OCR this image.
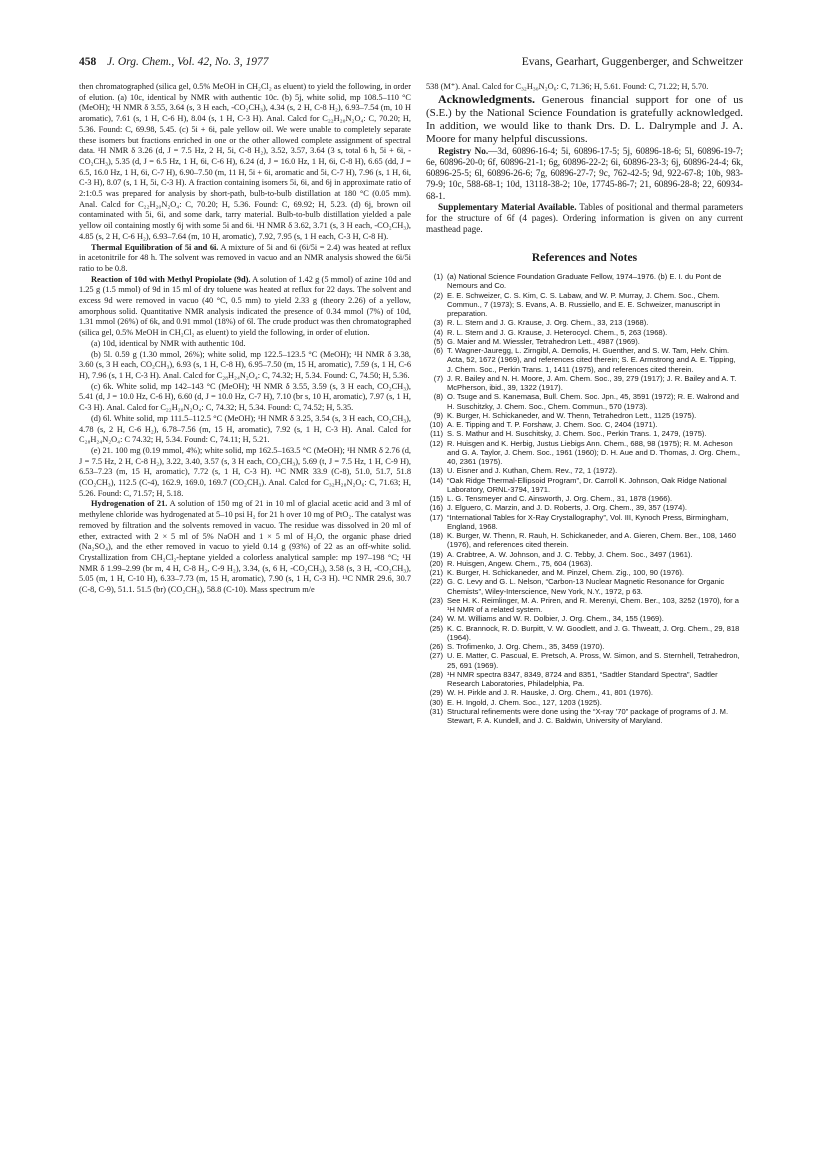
458 J. Org. Chem., Vol. 42, No. 3, 1977	Evans, Gearhart, Guggenberger, and Schweitzer

then chromatographed (silica gel, 0.5% MeOH in CH₂Cl₂ as eluent) to yield the following, in order of elution. (a) 10c, identical by NMR with authentic 10c. (b) 5j, white solid, mp 108.5–110 °C (MeOH); ¹H NMR δ 3.55, 3.64 (s, 3 H each, -CO₂CH₃), 4.34 (s, 2 H, C-8 H₂), 6.93–7.54 (m, 10 H aromatic), 7.61 (s, 1 H, C-6 H), 8.04 (s, 1 H, C-3 H). Anal. Calcd for C₂₂H₂₀N₂O₄: C, 70.20; H, 5.36. Found: C, 69.98, 5.45. (c) 5i + 6i, pale yellow oil. We were unable to completely separate these isomers but fractions enriched in one or the other allowed complete assignment of spectral data. ¹H NMR δ 3.26 (d, J = 7.5 Hz, 2 H, 5i, C-8 H₂), 3.52, 3.57, 3.64 (3 s, total 6 h, 5i + 6i, -CO₂CH₃), 5.35 (d, J = 6.5 Hz, 1 H, 6i, C-6 H), 6.24 (d, J = 16.0 Hz, 1 H, 6i, C-8 H), 6.65 (dd, J = 6.5, 16.0 Hz, 1 H, 6i, C-7 H), 6.90–7.50 (m, 11 H, 5i + 6i, aromatic and 5i, C-7 H), 7.96 (s, 1 H, 6i, C-3 H), 8.07 (s, 1 H, 5i, C-3 H). A fraction containing isomers 5i, 6i, and 6j in approximate ratio of 2:1:0.5 was prepared for analysis by short-path, bulb-to-bulb distillation at 180 °C (0.05 mm). Anal. Calcd for C₂₂H₂₀N₂O₄: C, 70.20; H, 5.36. Found: C, 69.92; H, 5.23. (d) 6j, brown oil contaminated with 5i, 6i, and some dark, tarry material. Bulb-to-bulb distillation yielded a pale yellow oil containing mostly 6j with some 5i and 6i. ¹H NMR δ 3.62, 3.71 (s, 3 H each, -CO₂CH₃), 4.85 (s, 2 H, C-6 H₂), 6.93–7.64 (m, 10 H, aromatic), 7.92, 7.95 (s, 1 H each, C-3 H, C-8 H).

Thermal Equilibration of 5i and 6i. A mixture of 5i and 6i (6i/5i = 2.4) was heated at reflux in acetonitrile for 48 h. The solvent was removed in vacuo and an NMR analysis showed the 6i/5i ratio to be 0.8.

Reaction of 10d with Methyl Propiolate (9d). A solution of 1.42 g (5 mmol) of azine 10d and 1.25 g (1.5 mmol) of 9d in 15 ml of dry toluene was heated at reflux for 22 days. The solvent and excess 9d were removed in vacuo (40 °C, 0.5 mm) to yield 2.33 g (theory 2.26) of a yellow, amorphous solid. Quantitative NMR analysis indicated the presence of 0.34 mmol (7%) of 10d, 1.31 mmol (26%) of 6k, and 0.91 mmol (18%) of 6l. The crude product was then chromatographed (silica gel, 0.5% MeOH in CH₂Cl₂ as eluent) to yield the following, in order of elution.

(a) 10d, identical by NMR with authentic 10d.

(b) 5l. 0.59 g (1.30 mmol, 26%); white solid, mp 122.5–123.5 °C (MeOH); ¹H NMR δ 3.38, 3.60 (s, 3 H each, CO₂CH₃), 6.93 (s, 1 H, C-8 H), 6.95–7.50 (m, 15 H, aromatic), 7.59 (s, 1 H, C-6 H), 7.96 (s, 1 H, C-3 H). Anal. Calcd for C₂₈H₂₄N₂O₄: C, 74.32; H, 5.34. Found: C, 74.50; H, 5.36.

(c) 6k. White solid, mp 142–143 °C (MeOH); ¹H NMR δ 3.55, 3.59 (s, 3 H each, CO₂CH₃), 5.41 (d, J = 10.0 Hz, C-6 H), 6.60 (d, J = 10.0 Hz, C-7 H), 7.10 (br s, 10 H, aromatic), 7.97 (s, 1 H, C-3 H). Anal. Calcd for C₂₂H₂₀N₂O₄: C, 74.32; H, 5.34. Found: C, 74.52; H, 5.35.

(d) 6l. White solid, mp 111.5–112.5 °C (MeOH); ¹H NMR δ 3.25, 3.54 (s, 3 H each, CO₂CH₃), 4.78 (s, 2 H, C-6 H₂), 6.78–7.56 (m, 15 H, aromatic), 7.92 (s, 1 H, C-3 H). Anal. Calcd for C₂₈H₂₄N₂O₄: C 74.32; H, 5.34. Found: C, 74.11; H, 5.21.

(e) 21. 100 mg (0.19 mmol, 4%); white solid, mp 162.5–163.5 °C (MeOH); ¹H NMR δ 2.76 (d, J = 7.5 Hz, 2 H, C-8 H₂), 3.22, 3.40, 3.57 (s, 3 H each, CO₂CH₃), 5.69 (t, J = 7.5 Hz, 1 H, C-9 H), 6.53–7.23 (m, 15 H, aromatic), 7.72 (s, 1 H, C-3 H). ¹³C NMR 33.9 (C-8), 51.0, 51.7, 51.8 (CO₂CH₃), 112.5 (C-4), 162.9, 169.0, 169.7 (CO₂CH₃). Anal. Calcd for C₃₂H₂₈N₂O₆: C, 71.63; H, 5.26. Found: C, 71.57; H, 5.18.

Hydrogenation of 21. A solution of 150 mg of 21 in 10 ml of glacial acetic acid and 3 ml of methylene chloride was hydrogenated at 5–10 psi H₂ for 21 h over 10 mg of PtO₂. The catalyst was removed by filtration and the solvents removed in vacuo. The residue was dissolved in 20 ml of ether, extracted with 2 × 5 ml of 5% NaOH and 1 × 5 ml of H₂O, the organic phase dried (Na₂SO₄), and the ether removed in vacuo to yield 0.14 g (93%) of 22 as an off-white solid. Crystallization from CH₂Cl₂-heptane yielded a colorless analytical sample: mp 197–198 °C; ¹H NMR δ 1.99–2.99 (br m, 4 H, C-8 H₂, C-9 H₂), 3.34, (s, 6 H, -CO₂CH₃), 3.58 (s, 3 H, -CO₂CH₃), 5.05 (m, 1 H, C-10 H), 6.33–7.73 (m, 15 H, aromatic), 7.90 (s, 1 H, C-3 H). ¹³C NMR 29.6, 30.7 (C-8, C-9), 51.1. 51.5 (br) (CO₂CH₃), 58.8 (C-10). Mass spectrum m/e

538 (M⁺). Anal. Calcd for C₃₂H₃₀N₂O₆: C, 71.36; H, 5.61. Found: C, 71.22; H, 5.70.

Acknowledgments. Generous financial support for one of us (S.E.) by the National Science Foundation is gratefully acknowledged. In addition, we would like to thank Drs. D. L. Dalrymple and J. A. Moore for many helpful discussions.

Registry No.—3d, 60896-16-4; 5i, 60896-17-5; 5j, 60896-18-6; 5l, 60896-19-7; 6e, 60896-20-0; 6f, 60896-21-1; 6g, 60896-22-2; 6i, 60896-23-3; 6j, 60896-24-4; 6k, 60896-25-5; 6l, 60896-26-6; 7g, 60896-27-7; 9c, 762-42-5; 9d, 922-67-8; 10b, 983-79-9; 10c, 588-68-1; 10d, 13118-38-2; 10e, 17745-86-7; 21, 60896-28-8; 22, 60934-68-1.

Supplementary Material Available. Tables of positional and thermal parameters for the structure of 6f (4 pages). Ordering information is given on any current masthead page.

References and Notes

(1) (a) National Science Foundation Graduate Fellow, 1974–1976. (b) E. I. du Pont de Nemours and Co.

(2) E. E. Schweizer, C. S. Kim, C. S. Labaw, and W. P. Murray, J. Chem. Soc., Chem. Commun., 7 (1973); S. Evans, A. B. Russiello, and E. E. Schweizer, manuscript in preparation.

(3) R. L. Stern and J. G. Krause, J. Org. Chem., 33, 213 (1968).

(4) R. L. Stern and J. G. Krause, J. Heterocycl. Chem., 5, 263 (1968).

(5) G. Maier and M. Wiessler, Tetrahedron Lett., 4987 (1969).

(6) T. Wagner-Jauregg, L. Zirngibl, A. Demolis, H. Guenther, and S. W. Tam, Helv. Chim. Acta, 52, 1672 (1969), and references cited therein; S. E. Armstrong and A. E. Tipping, J. Chem. Soc., Perkin Trans. 1, 1411 (1975), and references cited therein.

(7) J. R. Bailey and N. H. Moore, J. Am. Chem. Soc., 39, 279 (1917); J. R. Bailey and A. T. McPherson, ibid., 39, 1322 (1917).

(8) O. Tsuge and S. Kanemasa, Bull. Chem. Soc. Jpn., 45, 3591 (1972); R. E. Walrond and H. Suschitzky, J. Chem. Soc., Chem. Commun., 570 (1973).

(9) K. Burger, H. Schickaneder, and W. Thenn, Tetrahedron Lett., 1125 (1975).

(10) A. E. Tipping and T. P. Forshaw, J. Chem. Soc. C, 2404 (1971).

(11) S. S. Mathur and H. Suschitsky, J. Chem. Soc., Perkin Trans. 1, 2479, (1975).

(12) R. Huisgen and K. Herbig, Justus Liebigs Ann. Chem., 688, 98 (1975); R. M. Acheson and G. A. Taylor, J. Chem. Soc., 1961 (1960); D. H. Aue and D. Thomas, J. Org. Chem., 40, 2361 (1975).

(13) U. Eisner and J. Kuthan, Chem. Rev., 72, 1 (1972).

(14) “Oak Ridge Thermal-Ellipsoid Program”, Dr. Carroll K. Johnson, Oak Ridge National Laboratory, ORNL-3794, 1971.

(15) L. G. Tensmeyer and C. Ainsworth, J. Org. Chem., 31, 1878 (1966).

(16) J. Elguero, C. Marzin, and J. D. Roberts, J. Org. Chem., 39, 357 (1974).

(17) “International Tables for X-Ray Crystallography”, Vol. III, Kynoch Press, Birmingham, England, 1968.

(18) K. Burger, W. Thenn, R. Rauh, H. Schickaneder, and A. Gieren, Chem. Ber., 108, 1460 (1976), and references cited therein.

(19) A. Crabtree, A. W. Johnson, and J. C. Tebby, J. Chem. Soc., 3497 (1961).

(20) R. Huisgen, Angew. Chem., 75, 604 (1963).

(21) K. Burger, H. Schickaneder, and M. Pinzel, Chem. Zig., 100, 90 (1976).

(22) G. C. Levy and G. L. Nelson, “Carbon-13 Nuclear Magnetic Resonance for Organic Chemists”, Wiley-Interscience, New York, N.Y., 1972, p 63.

(23) See H. K. Reimlinger, M. A. Priren, and R. Merenyi, Chem. Ber., 103, 3252 (1970), for a ¹H NMR of a related system.

(24) W. M. Williams and W. R. Dolbier, J. Org. Chem., 34, 155 (1969).

(25) K. C. Brannock, R. D. Burpitt, V. W. Goodlett, and J. G. Thweatt, J. Org. Chem., 29, 818 (1964).

(26) S. Trofimenko, J. Org. Chem., 35, 3459 (1970).

(27) U. E. Matter, C. Pascual, E. Pretsch, A. Pross, W. Simon, and S. Sternhell, Tetrahedron, 25, 691 (1969).

(28) ¹H NMR spectra 8347, 8349, 8724 and 8351, “Sadtler Standard Spectra”, Sadtler Research Laboratories, Philadelphia, Pa.

(29) W. H. Pirkle and J. R. Hauske, J. Org. Chem., 41, 801 (1976).

(30) E. H. Ingold, J. Chem. Soc., 127, 1203 (1925).

(31) Structural refinements were done using the “X-ray ’70” package of programs of J. M. Stewart, F. A. Kundell, and J. C. Baldwin, University of Maryland.
